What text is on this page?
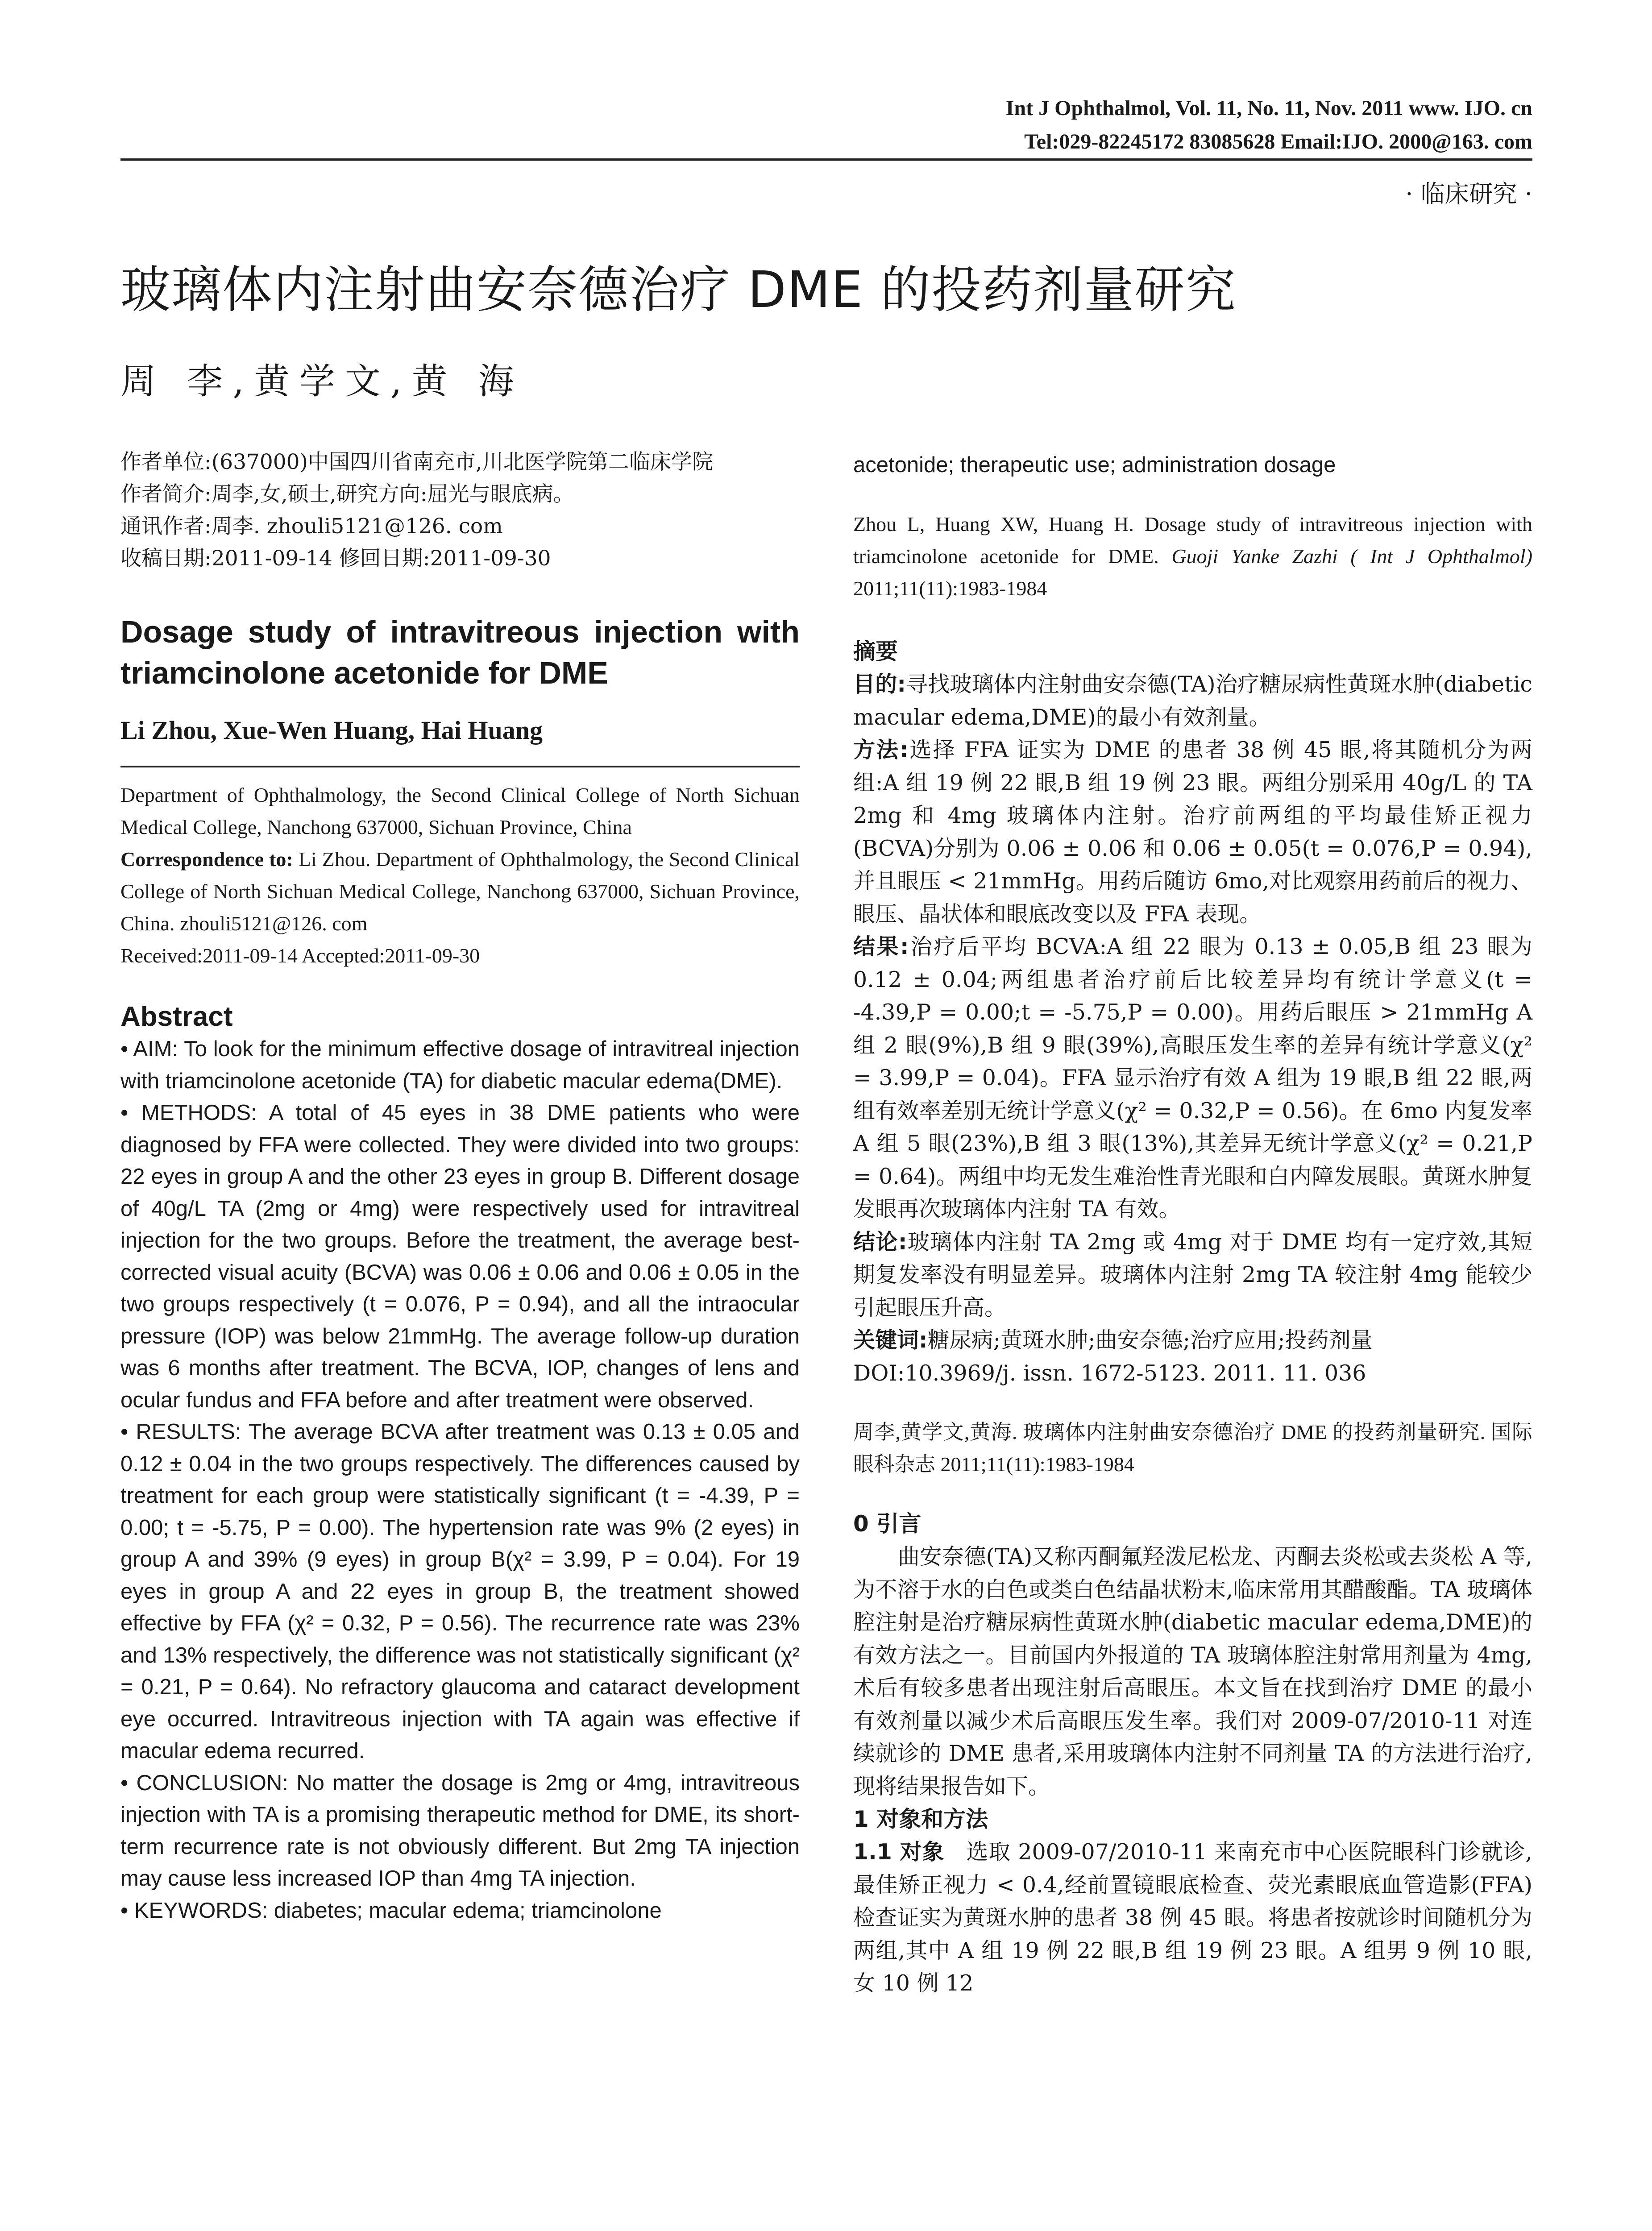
Int J Ophthalmol, Vol. 11, No. 11, Nov. 2011 www. IJO. cn
Tel:029-82245172 83085628 Email:IJO. 2000@163. com
· 临床研究 ·
玻璃体内注射曲安奈德治疗 DME 的投药剂量研究
周 李,黄学文,黄 海

作者单位:(637000)中国四川省南充市,川北医学院第二临床学院

作者简介:周李,女,硕士,研究方向:屈光与眼底病。

通讯作者:周李. zhouli5121@126. com

收稿日期:2011-09-14 修回日期:2011-09-30

Dosage study of intravitreous injection with triamcinolone acetonide for DME

Li Zhou, Xue-Wen Huang, Hai Huang

Department of Ophthalmology, the Second Clinical College of North Sichuan Medical College, Nanchong 637000, Sichuan Province, China

Correspondence to: Li Zhou. Department of Ophthalmology, the Second Clinical College of North Sichuan Medical College, Nanchong 637000, Sichuan Province, China. zhouli5121@126. com

Received:2011-09-14 Accepted:2011-09-30

Abstract

• AIM: To look for the minimum effective dosage of intravitreal injection with triamcinolone acetonide (TA) for diabetic macular edema(DME).

• METHODS: A total of 45 eyes in 38 DME patients who were diagnosed by FFA were collected. They were divided into two groups: 22 eyes in group A and the other 23 eyes in group B. Different dosage of 40g/L TA (2mg or 4mg) were respectively used for intravitreal injection for the two groups. Before the treatment, the average best-corrected visual acuity (BCVA) was 0.06 ± 0.06 and 0.06 ± 0.05 in the two groups respectively (t = 0.076, P = 0.94), and all the intraocular pressure (IOP) was below 21mmHg. The average follow-up duration was 6 months after treatment. The BCVA, IOP, changes of lens and ocular fundus and FFA before and after treatment were observed.

• RESULTS: The average BCVA after treatment was 0.13 ± 0.05 and 0.12 ± 0.04 in the two groups respectively. The differences caused by treatment for each group were statistically significant (t = -4.39, P = 0.00; t = -5.75, P = 0.00). The hypertension rate was 9% (2 eyes) in group A and 39% (9 eyes) in group B(χ² = 3.99, P = 0.04). For 19 eyes in group A and 22 eyes in group B, the treatment showed effective by FFA (χ² = 0.32, P = 0.56). The recurrence rate was 23% and 13% respectively, the difference was not statistically significant (χ² = 0.21, P = 0.64). No refractory glaucoma and cataract development eye occurred. Intravitreous injection with TA again was effective if macular edema recurred.

• CONCLUSION: No matter the dosage is 2mg or 4mg, intravitreous injection with TA is a promising therapeutic method for DME, its short-term recurrence rate is not obviously different. But 2mg TA injection may cause less increased IOP than 4mg TA injection.

• KEYWORDS: diabetes; macular edema; triamcinolone

acetonide; therapeutic use; administration dosage

Zhou L, Huang XW, Huang H. Dosage study of intravitreous injection with triamcinolone acetonide for DME. Guoji Yanke Zazhi ( Int J Ophthalmol) 2011;11(11):1983-1984

摘要

目的:寻找玻璃体内注射曲安奈德(TA)治疗糖尿病性黄斑水肿(diabetic macular edema,DME)的最小有效剂量。

方法:选择 FFA 证实为 DME 的患者 38 例 45 眼,将其随机分为两组:A 组 19 例 22 眼,B 组 19 例 23 眼。两组分别采用 40g/L 的 TA 2mg 和 4mg 玻璃体内注射。治疗前两组的平均最佳矫正视力(BCVA)分别为 0.06 ± 0.06 和 0.06 ± 0.05(t = 0.076,P = 0.94),并且眼压 < 21mmHg。用药后随访 6mo,对比观察用药前后的视力、眼压、晶状体和眼底改变以及 FFA 表现。

结果:治疗后平均 BCVA:A 组 22 眼为 0.13 ± 0.05,B 组 23 眼为 0.12 ± 0.04;两组患者治疗前后比较差异均有统计学意义(t = -4.39,P = 0.00;t = -5.75,P = 0.00)。用药后眼压 > 21mmHg A 组 2 眼(9%),B 组 9 眼(39%),高眼压发生率的差异有统计学意义(χ² = 3.99,P = 0.04)。FFA 显示治疗有效 A 组为 19 眼,B 组 22 眼,两组有效率差别无统计学意义(χ² = 0.32,P = 0.56)。在 6mo 内复发率 A 组 5 眼(23%),B 组 3 眼(13%),其差异无统计学意义(χ² = 0.21,P = 0.64)。两组中均无发生难治性青光眼和白内障发展眼。黄斑水肿复发眼再次玻璃体内注射 TA 有效。

结论:玻璃体内注射 TA 2mg 或 4mg 对于 DME 均有一定疗效,其短期复发率没有明显差异。玻璃体内注射 2mg TA 较注射 4mg 能较少引起眼压升高。

关键词:糖尿病;黄斑水肿;曲安奈德;治疗应用;投药剂量

DOI:10.3969/j. issn. 1672-5123. 2011. 11. 036

周李,黄学文,黄海. 玻璃体内注射曲安奈德治疗 DME 的投药剂量研究. 国际眼科杂志 2011;11(11):1983-1984

0 引言

曲安奈德(TA)又称丙酮氟羟泼尼松龙、丙酮去炎松或去炎松 A 等,为不溶于水的白色或类白色结晶状粉末,临床常用其醋酸酯。TA 玻璃体腔注射是治疗糖尿病性黄斑水肿(diabetic macular edema,DME)的有效方法之一。目前国内外报道的 TA 玻璃体腔注射常用剂量为 4mg,术后有较多患者出现注射后高眼压。本文旨在找到治疗 DME 的最小有效剂量以减少术后高眼压发生率。我们对 2009-07/2010-11 对连续就诊的 DME 患者,采用玻璃体内注射不同剂量 TA 的方法进行治疗,现将结果报告如下。

1 对象和方法

1.1 对象 选取 2009-07/2010-11 来南充市中心医院眼科门诊就诊,最佳矫正视力 < 0.4,经前置镜眼底检查、荧光素眼底血管造影(FFA)检查证实为黄斑水肿的患者 38 例 45 眼。将患者按就诊时间随机分为两组,其中 A 组 19 例 22 眼,B 组 19 例 23 眼。A 组男 9 例 10 眼,女 10 例 12
